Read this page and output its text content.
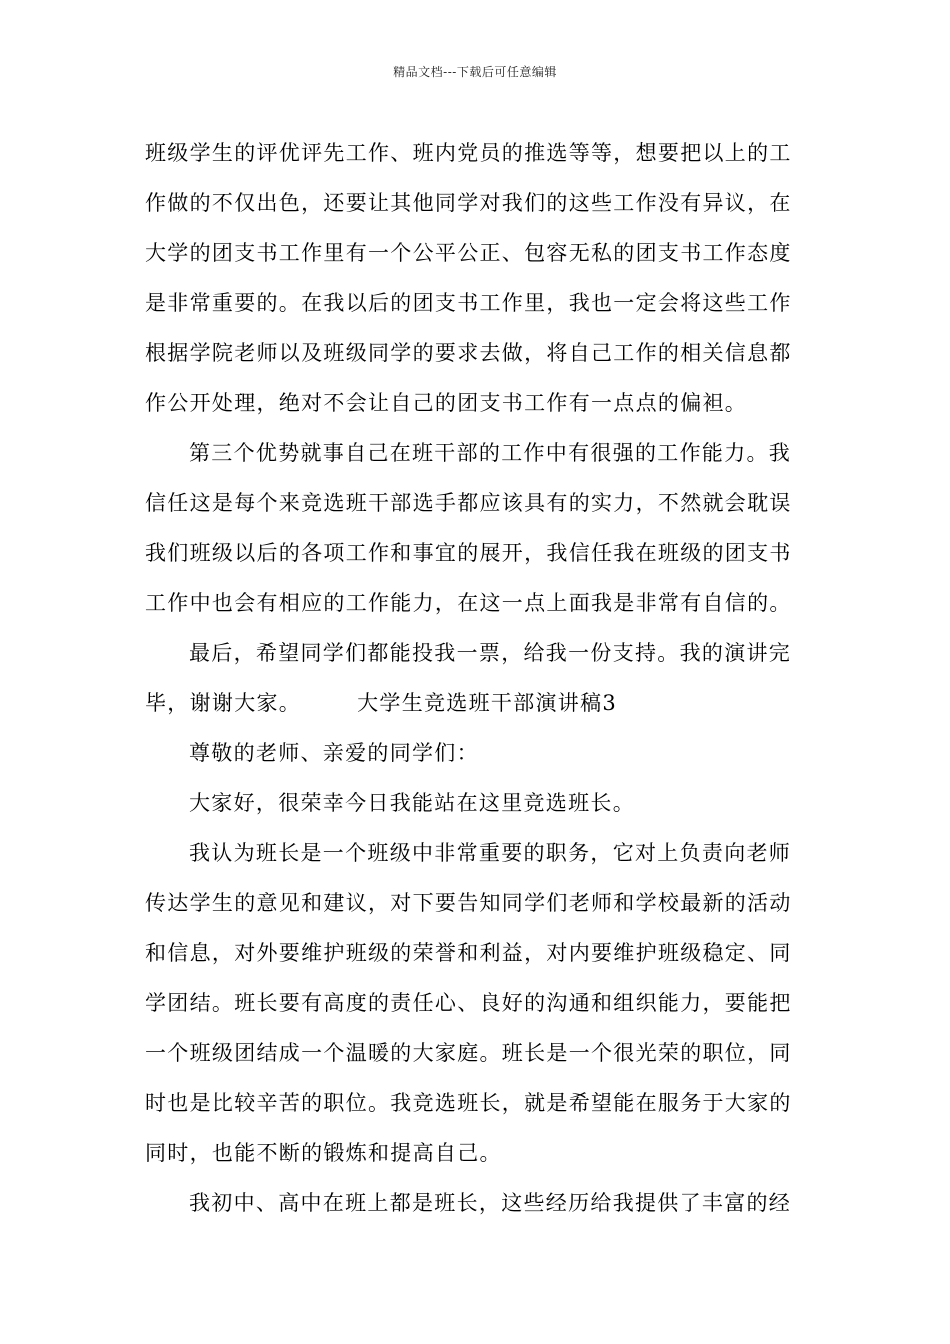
精品文档---下载后可任意编辑
班级学生的评优评先工作、班内党员的推选等等，想要把以上的工
作做的不仅出色，还要让其他同学对我们的这些工作没有异议，在
大学的团支书工作里有一个公平公正、包容无私的团支书工作态度
是非常重要的。在我以后的团支书工作里，我也一定会将这些工作
根据学院老师以及班级同学的要求去做，将自己工作的相关信息都
作公开处理，绝对不会让自己的团支书工作有一点点的偏袒。
第三个优势就事自己在班干部的工作中有很强的工作能力。我
信任这是每个来竞选班干部选手都应该具有的实力，不然就会耽误
我们班级以后的各项工作和事宜的展开，我信任我在班级的团支书
工作中也会有相应的工作能力，在这一点上面我是非常有自信的。
最后，希望同学们都能投我一票，给我一份支持。我的演讲完
毕，谢谢大家。	大学生竞选班干部演讲稿3
尊敬的老师、亲爱的同学们：
大家好，很荣幸今日我能站在这里竞选班长。
我认为班长是一个班级中非常重要的职务，它对上负责向老师
传达学生的意见和建议，对下要告知同学们老师和学校最新的活动
和信息，对外要维护班级的荣誉和利益，对内要维护班级稳定、同
学团结。班长要有高度的责任心、良好的沟通和组织能力，要能把
一个班级团结成一个温暖的大家庭。班长是一个很光荣的职位，同
时也是比较辛苦的职位。我竞选班长，就是希望能在服务于大家的
同时，也能不断的锻炼和提高自己。
我初中、高中在班上都是班长，这些经历给我提供了丰富的经
